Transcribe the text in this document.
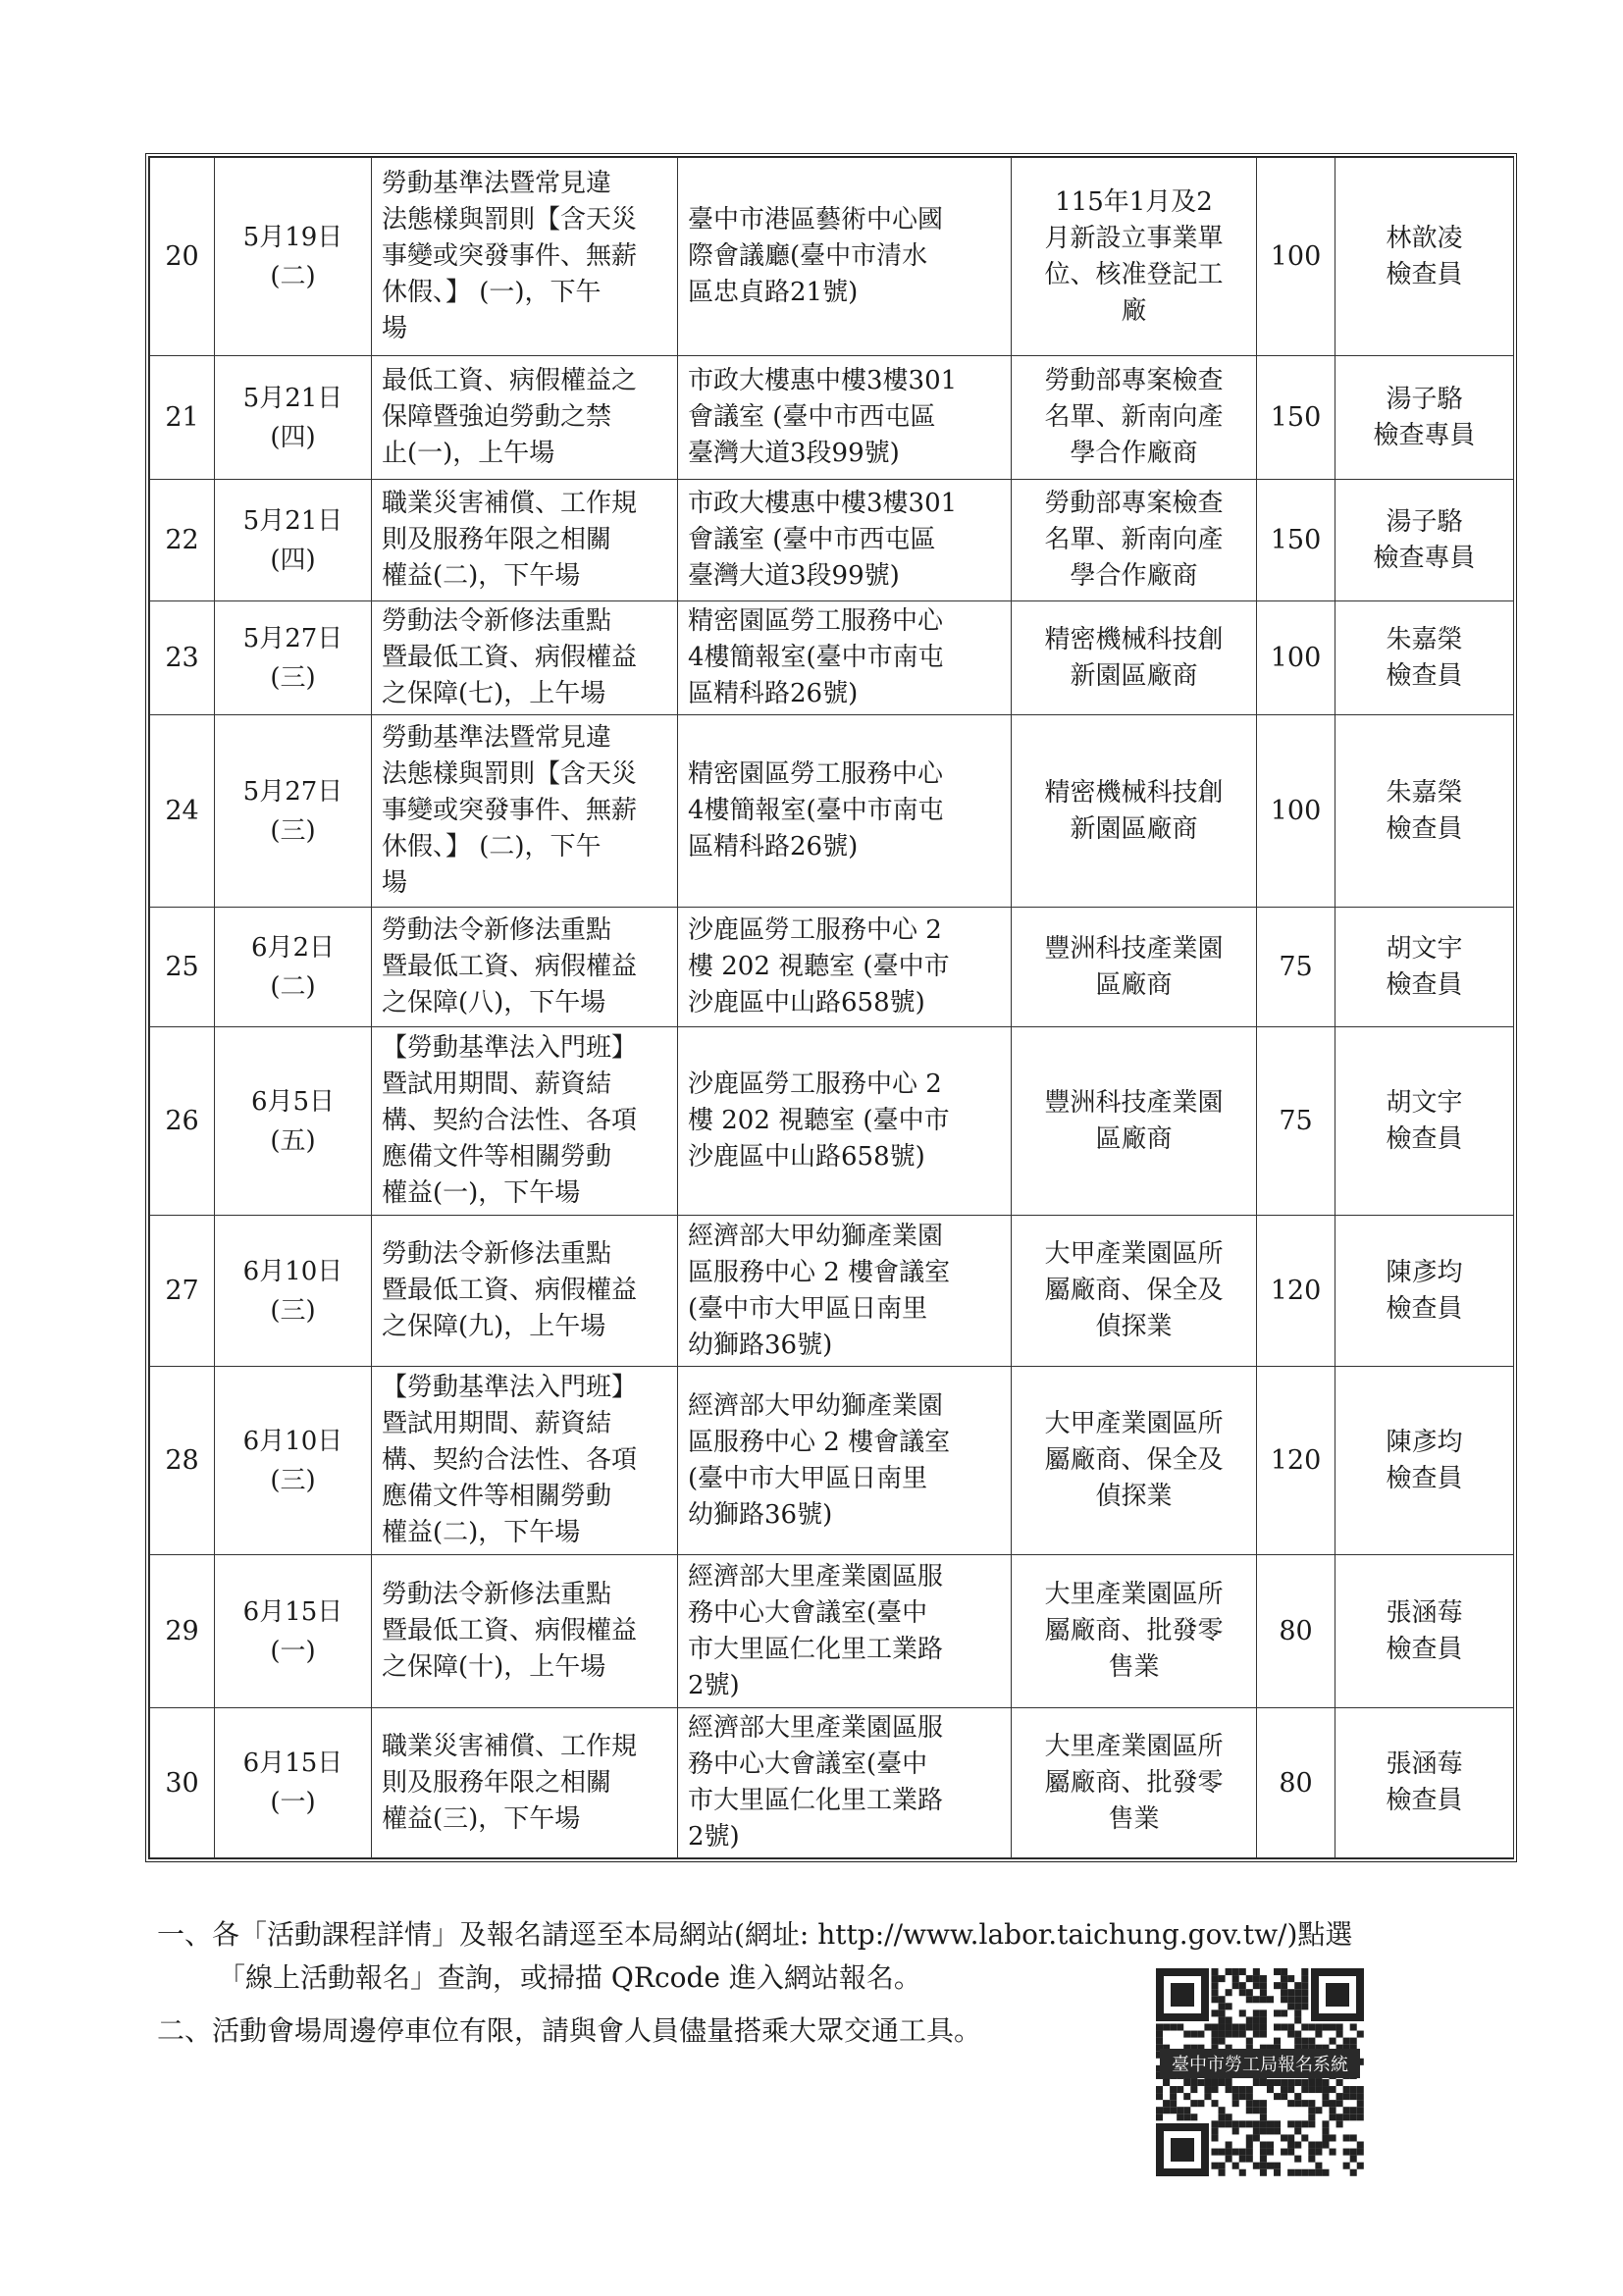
20	5月19日
(二)	勞動基準法暨常見違
法態樣與罰則【含天災
事變或突發事件、無薪
休假、】 (一)，下午
場	臺中市港區藝術中心國
際會議廳(臺中市清水
區忠貞路21號)	115年1月及2
月新設立事業單
位、核准登記工
廠	100	林歆凌
檢查員

21	5月21日
(四)	最低工資、病假權益之
保障暨強迫勞動之禁
止(一)，上午場	市政大樓惠中樓3樓301
會議室 (臺中市西屯區
臺灣大道3段99號)	勞動部專案檢查
名單、新南向產
學合作廠商	150	湯子駱
檢查專員

22	5月21日
(四)	職業災害補償、工作規
則及服務年限之相關
權益(二)，下午場	市政大樓惠中樓3樓301
會議室 (臺中市西屯區
臺灣大道3段99號)	勞動部專案檢查
名單、新南向產
學合作廠商	150	湯子駱
檢查專員

23	5月27日
(三)	勞動法令新修法重點
暨最低工資、病假權益
之保障(七)，上午場	精密園區勞工服務中心
4樓簡報室(臺中市南屯
區精科路26號)	精密機械科技創
新園區廠商	100	朱嘉榮
檢查員

24	5月27日
(三)	勞動基準法暨常見違
法態樣與罰則【含天災
事變或突發事件、無薪
休假、】 (二)，下午
場	精密園區勞工服務中心
4樓簡報室(臺中市南屯
區精科路26號)	精密機械科技創
新園區廠商	100	朱嘉榮
檢查員

25	6月2日
(二)	勞動法令新修法重點
暨最低工資、病假權益
之保障(八)，下午場	沙鹿區勞工服務中心 2
樓 202 視聽室 (臺中市
沙鹿區中山路658號)	豐洲科技產業園
區廠商	75	胡文宇
檢查員

26	6月5日
(五)	【勞動基準法入門班】
暨試用期間、薪資結
構、契約合法性、各項
應備文件等相關勞動
權益(一)，下午場	沙鹿區勞工服務中心 2
樓 202 視聽室 (臺中市
沙鹿區中山路658號)	豐洲科技產業園
區廠商	75	胡文宇
檢查員

27	6月10日
(三)	勞動法令新修法重點
暨最低工資、病假權益
之保障(九)，上午場	經濟部大甲幼獅產業園
區服務中心 2 樓會議室
(臺中市大甲區日南里
幼獅路36號)	大甲產業園區所
屬廠商、保全及
偵探業	120	陳彥均
檢查員

28	6月10日
(三)	【勞動基準法入門班】
暨試用期間、薪資結
構、契約合法性、各項
應備文件等相關勞動
權益(二)，下午場	經濟部大甲幼獅產業園
區服務中心 2 樓會議室
(臺中市大甲區日南里
幼獅路36號)	大甲產業園區所
屬廠商、保全及
偵探業	120	陳彥均
檢查員

29	6月15日
(一)	勞動法令新修法重點
暨最低工資、病假權益
之保障(十)，上午場	經濟部大里產業園區服
務中心大會議室(臺中
市大里區仁化里工業路
2號)	大里產業園區所
屬廠商、批發零
售業	80	張涵莓
檢查員

30	6月15日
(一)	職業災害補償、工作規
則及服務年限之相關
權益(三)，下午場	經濟部大里產業園區服
務中心大會議室(臺中
市大里區仁化里工業路
2號)	大里產業園區所
屬廠商、批發零
售業	80	張涵莓
檢查員

一、各「活動課程詳情」及報名請逕至本局網站(網址: http://www.labor.taichung.gov.tw/)點選

「線上活動報名」查詢，或掃描 QRcode 進入網站報名。

二、活動會場周邊停車位有限，請與會人員儘量搭乘大眾交通工具。

臺中市勞工局報名系統
